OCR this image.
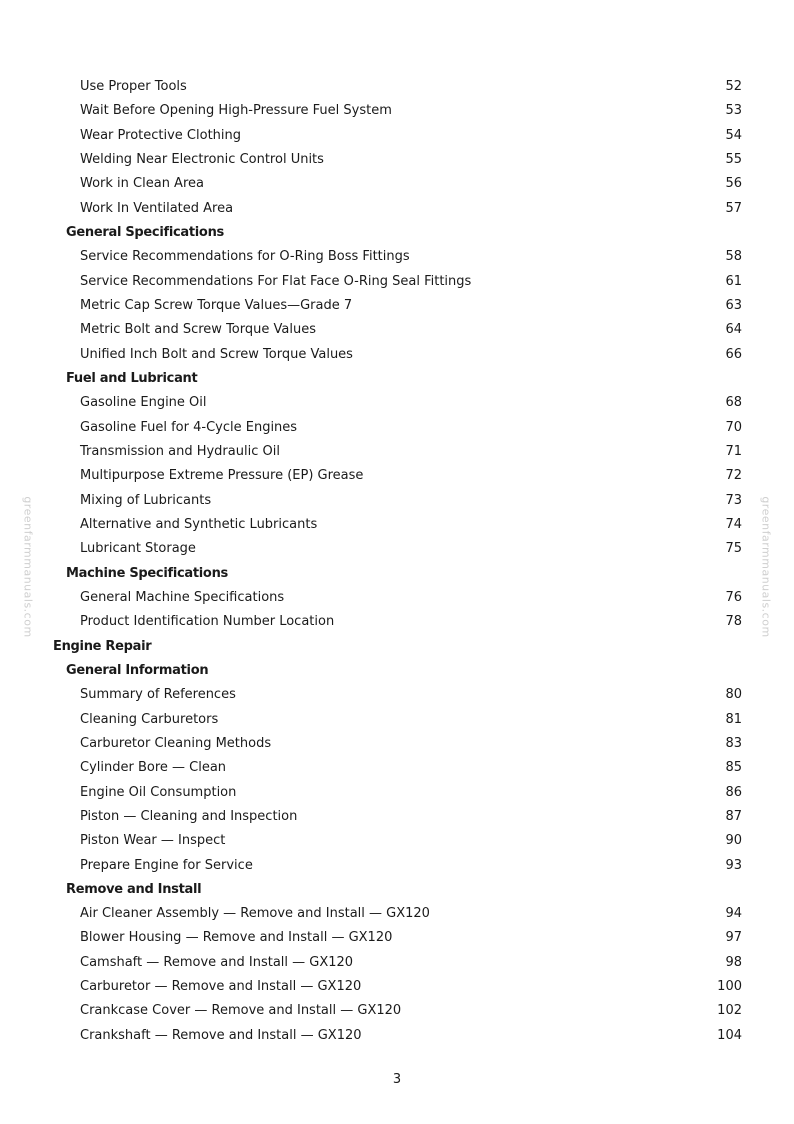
Use Proper Tools	52
Wait Before Opening High-Pressure Fuel System	53
Wear Protective Clothing	54
Welding Near Electronic Control Units	55
Work in Clean Area	56
Work In Ventilated Area	57
General Specifications
Service Recommendations for O-Ring Boss Fittings	58
Service Recommendations For Flat Face O-Ring Seal Fittings	61
Metric Cap Screw Torque Values—Grade 7	63
Metric Bolt and Screw Torque Values	64
Unified Inch Bolt and Screw Torque Values	66
Fuel and Lubricant
Gasoline Engine Oil	68
Gasoline Fuel for 4-Cycle Engines	70
Transmission and Hydraulic Oil	71
Multipurpose Extreme Pressure (EP) Grease	72
Mixing of Lubricants	73
Alternative and Synthetic Lubricants	74
Lubricant Storage	75
Machine Specifications
General Machine Specifications	76
Product Identification Number Location	78
Engine Repair
General Information
Summary of References	80
Cleaning Carburetors	81
Carburetor Cleaning Methods	83
Cylinder Bore — Clean	85
Engine Oil Consumption	86
Piston — Cleaning and Inspection	87
Piston Wear — Inspect	90
Prepare Engine for Service	93
Remove and Install
Air Cleaner Assembly — Remove and Install — GX120	94
Blower Housing — Remove and Install — GX120	97
Camshaft — Remove and Install — GX120	98
Carburetor — Remove and Install — GX120	100
Crankcase Cover — Remove and Install — GX120	102
Crankshaft — Remove and Install — GX120	104
greenfarmmanuals.com	greenfarmmanuals.com
3
